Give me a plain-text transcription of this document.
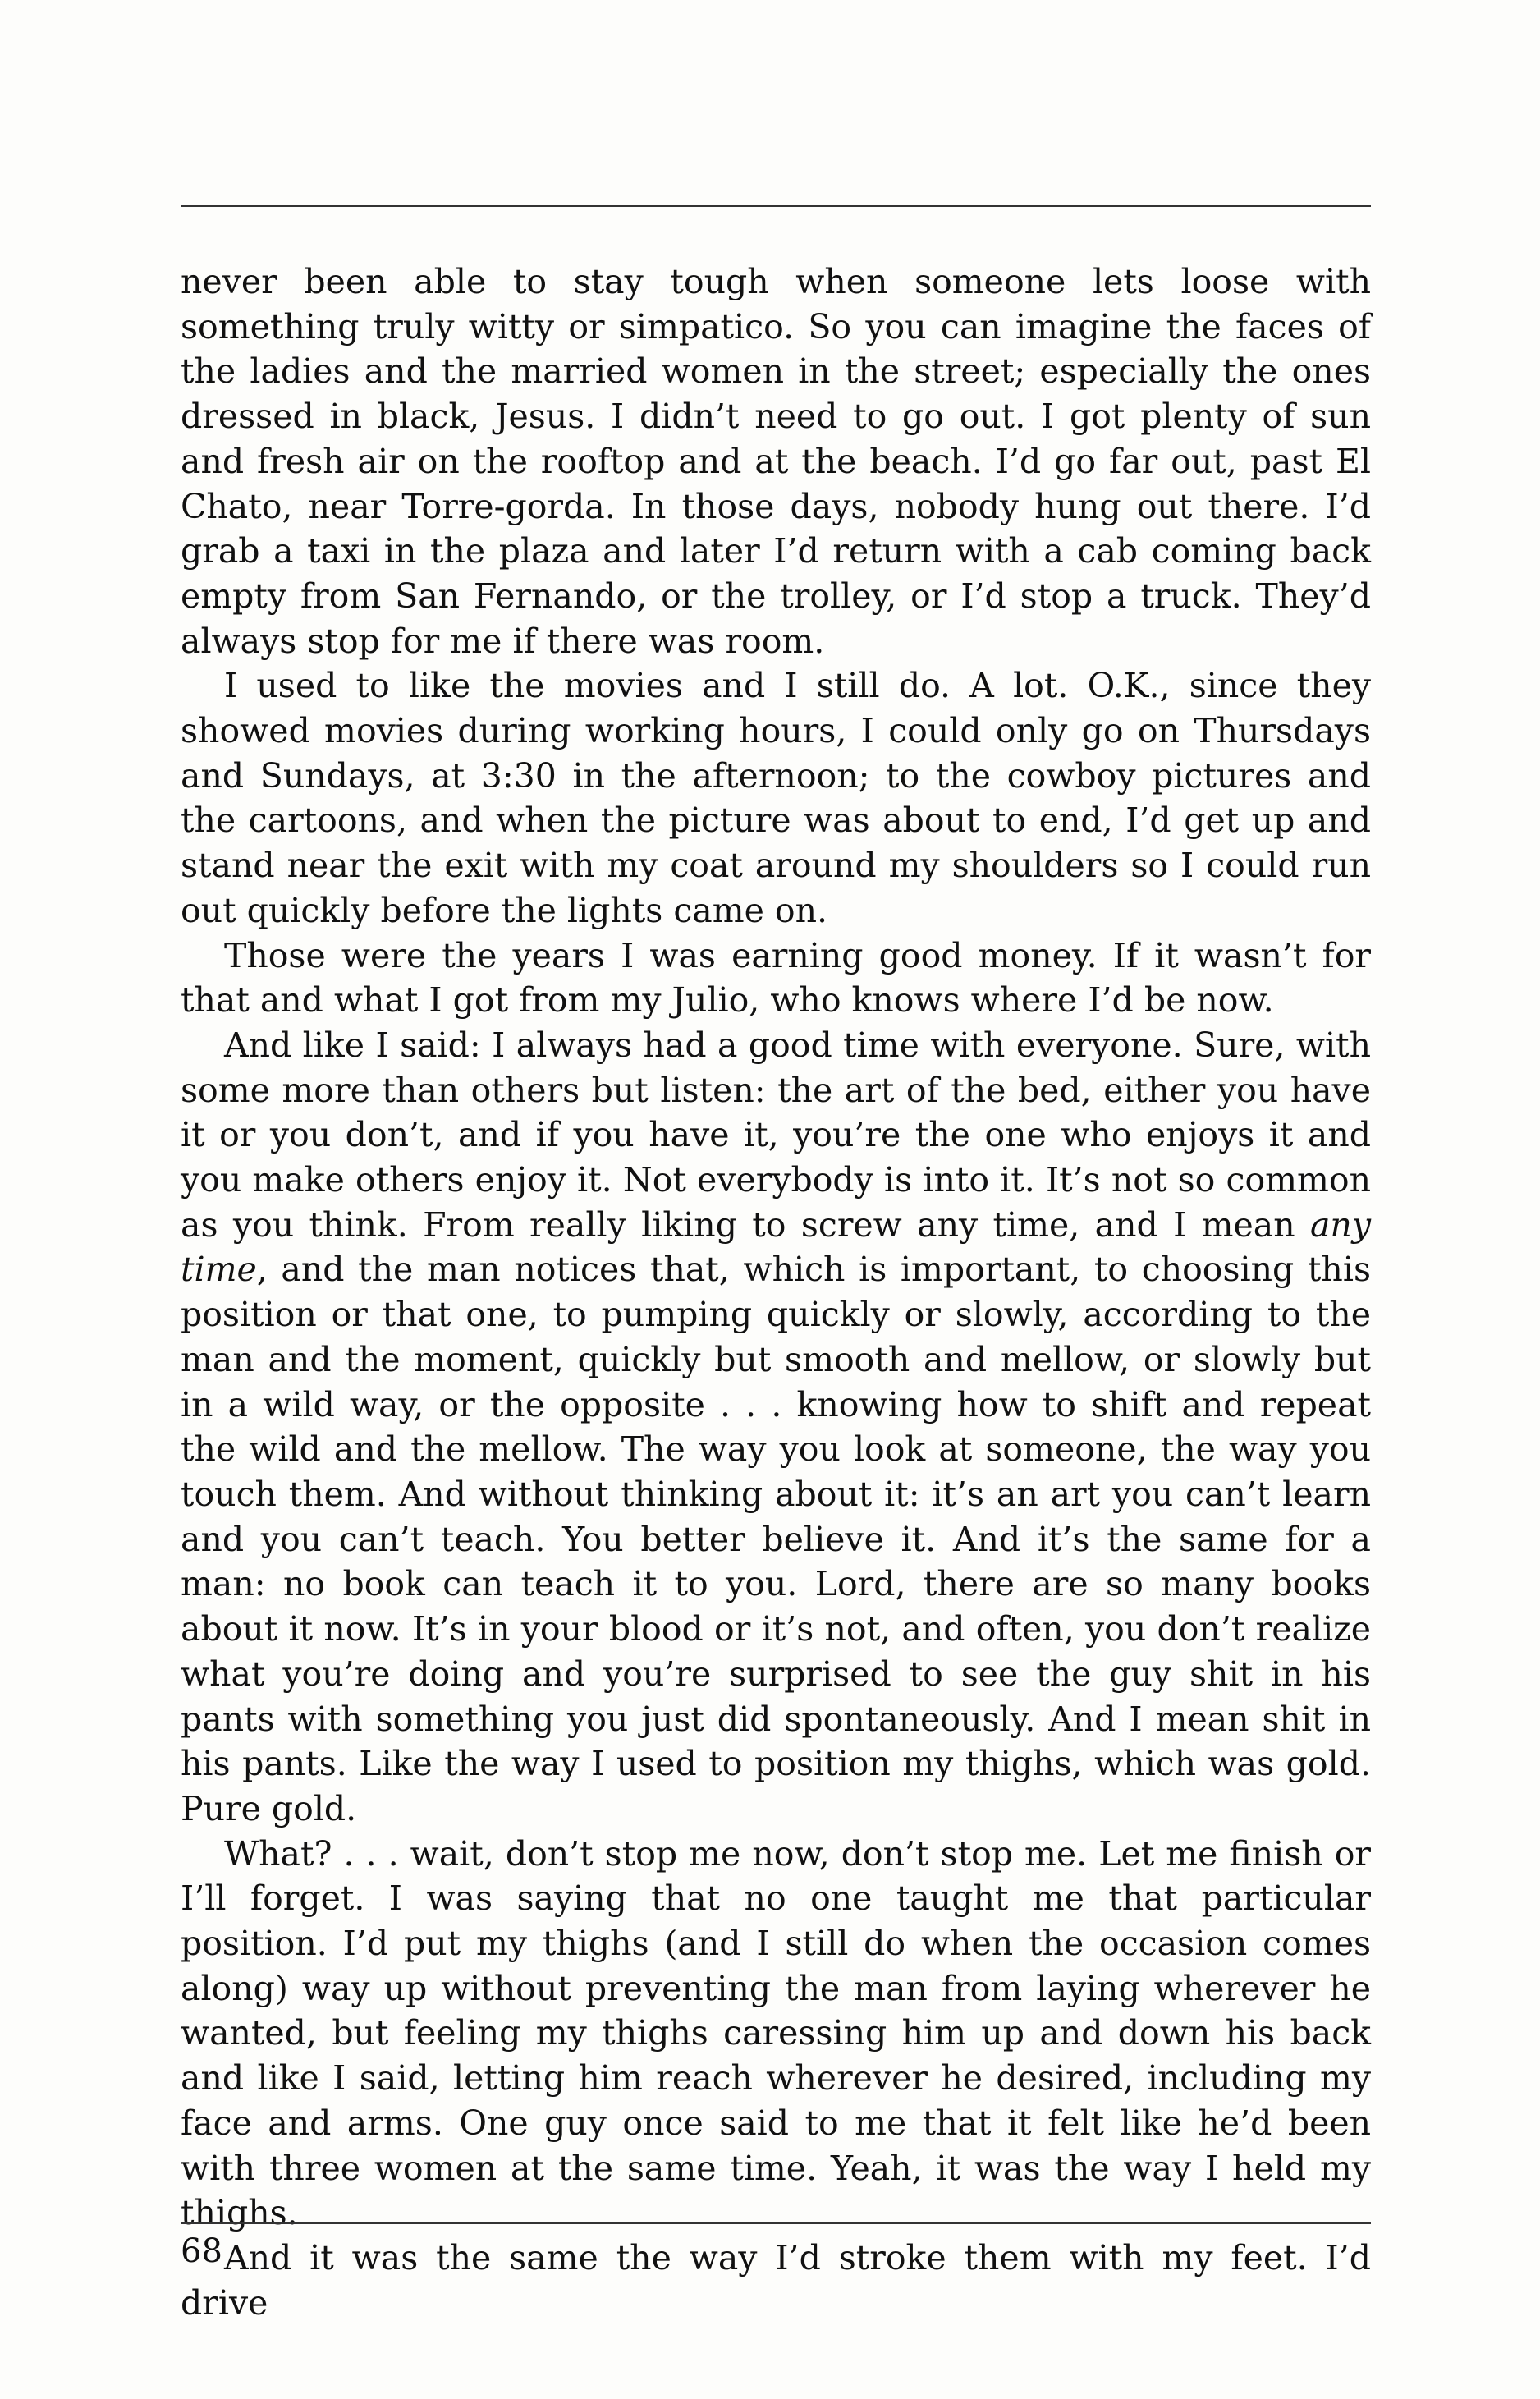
never been able to stay tough when someone lets loose with something truly witty or simpatico. So you can imagine the faces of the ladies and the married women in the street; especially the ones dressed in black, Jesus. I didn’t need to go out. I got plenty of sun and fresh air on the rooftop and at the beach. I’d go far out, past El Chato, near Torre-gorda. In those days, nobody hung out there. I’d grab a taxi in the plaza and later I’d return with a cab coming back empty from San Fernando, or the trolley, or I’d stop a truck. They’d always stop for me if there was room.

I used to like the movies and I still do. A lot. O.K., since they showed movies during working hours, I could only go on Thursdays and Sundays, at 3:30 in the afternoon; to the cowboy pictures and the cartoons, and when the picture was about to end, I’d get up and stand near the exit with my coat around my shoulders so I could run out quickly before the lights came on.

Those were the years I was earning good money. If it wasn’t for that and what I got from my Julio, who knows where I’d be now.

And like I said: I always had a good time with everyone. Sure, with some more than others but listen: the art of the bed, either you have it or you don’t, and if you have it, you’re the one who enjoys it and you make others enjoy it. Not everybody is into it. It’s not so common as you think. From really liking to screw any time, and I mean any time, and the man notices that, which is important, to choosing this position or that one, to pumping quickly or slowly, according to the man and the moment, quickly but smooth and mellow, or slowly but in a wild way, or the opposite . . . knowing how to shift and repeat the wild and the mellow. The way you look at someone, the way you touch them. And without thinking about it: it’s an art you can’t learn and you can’t teach. You better believe it. And it’s the same for a man: no book can teach it to you. Lord, there are so many books about it now. It’s in your blood or it’s not, and often, you don’t realize what you’re doing and you’re surprised to see the guy shit in his pants with something you just did spontaneously. And I mean shit in his pants. Like the way I used to position my thighs, which was gold. Pure gold.

What? . . . wait, don’t stop me now, don’t stop me. Let me finish or I’ll forget. I was saying that no one taught me that particular position. I’d put my thighs (and I still do when the occasion comes along) way up without preventing the man from laying wherever he wanted, but feeling my thighs caressing him up and down his back and like I said, letting him reach wherever he desired, including my face and arms. One guy once said to me that it felt like he’d been with three women at the same time. Yeah, it was the way I held my thighs.

And it was the same the way I’d stroke them with my feet. I’d drive

68
